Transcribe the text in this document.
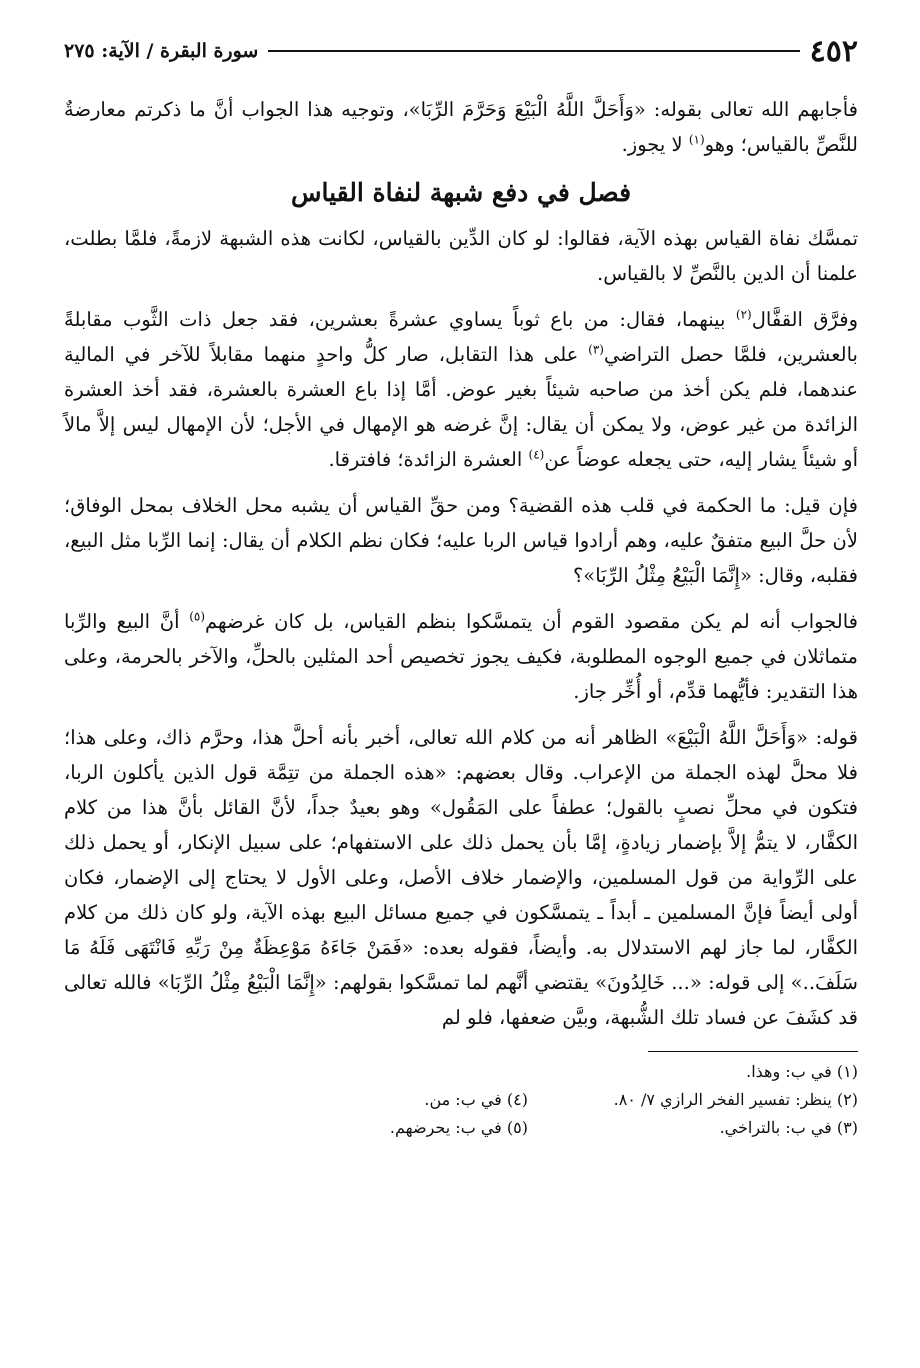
٤٥٢
سورة البقرة / الآية: ٢٧٥

فأجابهم الله تعالى بقوله: «وَأَحَلَّ اللَّهُ الْبَيْعَ وَحَرَّمَ الرِّبَا»، وتوجيه هذا الجواب أنَّ ما ذكرتم معارضةٌ للنَّصِّ بالقياس؛ وهو$^{(١)}$ لا يجوز.

فصل في دفع شبهة لنفاة القياس

تمسَّك نفاة القياس بهذه الآية، فقالوا: لو كان الدِّين بالقياس، لكانت هذه الشبهة لازمةً، فلمَّا بطلت، علمنا أن الدين بالنَّصِّ لا بالقياس.

وفرَّق القفَّال$^{(٢)}$ بينهما، فقال: من باع ثوباً يساوي عشرةً بعشرين، فقد جعل ذات الثَّوب مقابلةً بالعشرين، فلمَّا حصل التراضي$^{(٣)}$ على هذا التقابل، صار كلُّ واحدٍ منهما مقابلاً للآخر في المالية عندهما، فلم يكن أخذ من صاحبه شيئاً بغير عوض. أمَّا إذا باع العشرة بالعشرة، فقد أخذ العشرة الزائدة من غير عوض، ولا يمكن أن يقال: إنَّ غرضه هو الإمهال في الأجل؛ لأن الإمهال ليس إلاَّ مالاً أو شيئاً يشار إليه، حتى يجعله عوضاً عن$^{(٤)}$ العشرة الزائدة؛ فافترقا.

فإن قيل: ما الحكمة في قلب هذه القضية؟ ومن حقِّ القياس أن يشبه محل الخلاف بمحل الوفاق؛ لأن حلَّ البيع متفقٌ عليه، وهم أرادوا قياس الربا عليه؛ فكان نظم الكلام أن يقال: إنما الرِّبا مثل البيع، فقلبه، وقال: «إِنَّمَا الْبَيْعُ مِثْلُ الرِّبَا»؟

فالجواب أنه لم يكن مقصود القوم أن يتمسَّكوا بنظم القياس، بل كان غرضهم$^{(٥)}$ أنَّ البيع والرِّبا متماثلان في جميع الوجوه المطلوبة، فكيف يجوز تخصيص أحد المثلين بالحلِّ، والآخر بالحرمة، وعلى هذا التقدير: فأيُّهما قدِّم، أو أُخِّر جاز.

قوله: «وَأَحَلَّ اللَّهُ الْبَيْعَ» الظاهر أنه من كلام الله تعالى، أخبر بأنه أحلَّ هذا، وحرَّم ذاك، وعلى هذا؛ فلا محلَّ لهذه الجملة من الإعراب. وقال بعضهم: «هذه الجملة من تتِمَّة قول الذين يأكلون الربا، فتكون في محلِّ نصبٍ بالقول؛ عطفاً على المَقُول» وهو بعيدٌ جداً، لأنَّ القائل بأنَّ هذا من كلام الكفَّار، لا يتمُّ إلاَّ بإضمار زيادةٍ، إمَّا بأن يحمل ذلك على الاستفهام؛ على سبيل الإنكار، أو يحمل ذلك على الرِّواية من قول المسلمين، والإضمار خلاف الأصل، وعلى الأول لا يحتاج إلى الإضمار، فكان أولى أيضاً فإنَّ المسلمين ـ أبداً ـ يتمسَّكون في جميع مسائل البيع بهذه الآية، ولو كان ذلك من كلام الكفَّار، لما جاز لهم الاستدلال به. وأيضاً، فقوله بعده: «فَمَنْ جَاءَهُ مَوْعِظَةٌ مِنْ رَبِّهِ فَانْتَهَى فَلَهُ مَا سَلَفَ..» إلى قوله: «... خَالِدُونَ» يقتضي أنَّهم لما تمسَّكوا بقولهم: «إِنَّمَا الْبَيْعُ مِثْلُ الرِّبَا» فالله تعالى قد كشَفَ عن فساد تلك الشُّبهة، وبيَّن ضعفها، فلو لم

(١) في ب: وهذا.
(٢) ينظر: تفسير الفخر الرازي ٧/ ٨٠.
(٤) في ب: من.
(٣) في ب: بالتراخي.
(٥) في ب: يحرضهم.
